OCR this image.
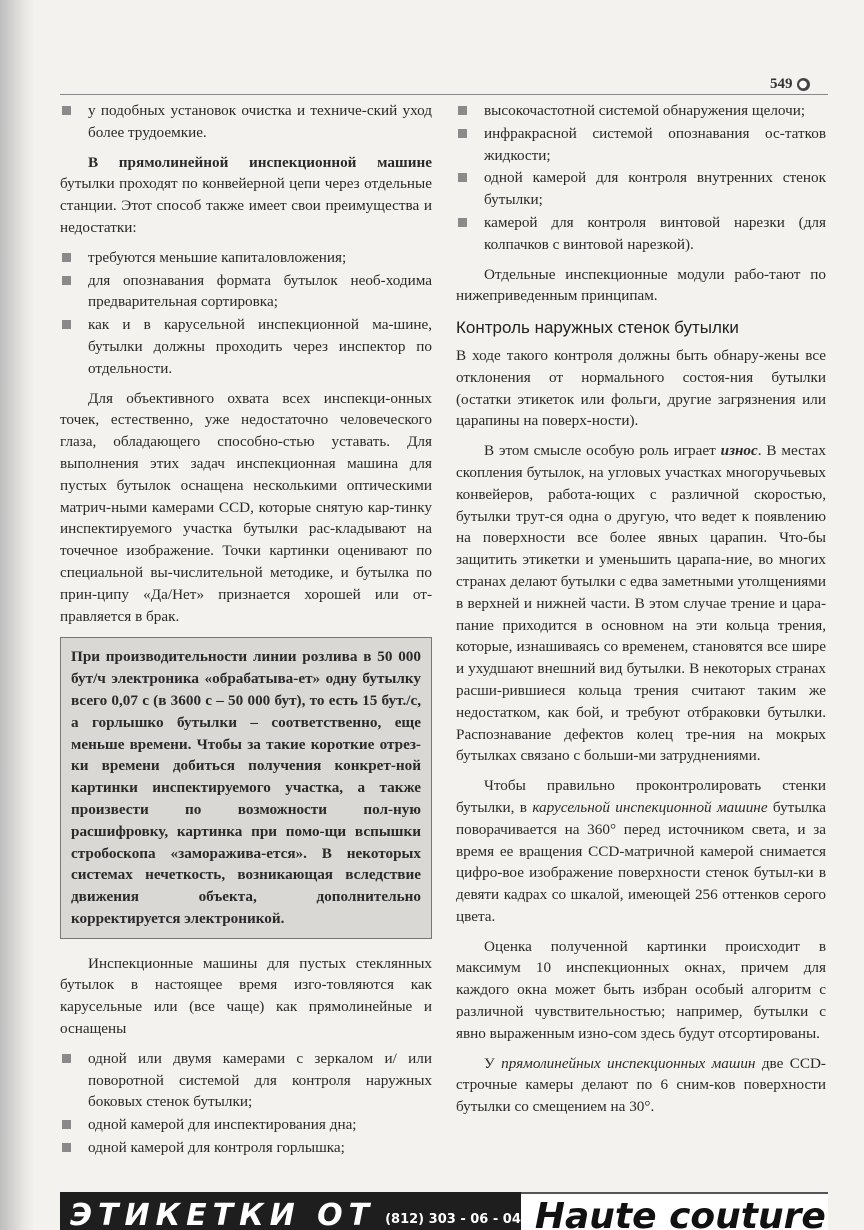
549 ●
у подобных установок очистка и техниче-ский уход более трудоемкие.

В прямолинейной инспекционной машине бутылки проходят по конвейерной цепи через отдельные станции. Этот способ также имеет свои преимущества и недостатки:

требуются меньшие капиталовложения;
для опознавания формата бутылок необ-ходима предварительная сортировка;
как и в карусельной инспекционной ма-шине, бутылки должны проходить через инспектор по отдельности.

Для объективного охвата всех инспекци-онных точек, естественно, уже недостаточно человеческого глаза, обладающего способно-стью уставать. Для выполнения этих задач инспекционная машина для пустых бутылок оснащена несколькими оптическими матрич-ными камерами CCD, которые снятую кар-тинку инспектируемого участка бутылки рас-кладывают на точечное изображение. Точки картинки оценивают по специальной вы-числительной методике, и бутылка по прин-ципу «Да/Нет» признается хорошей или от-правляется в брак.

При производительности линии розлива в 50 000 бут/ч электроника «обрабатыва-ет» одну бутылку всего 0,07 с (в 3600 с – 50 000 бут), то есть 15 бут./с, а горлышко бутылки – соответственно, еще меньше времени. Чтобы за такие короткие отрез-ки времени добиться получения конкрет-ной картинки инспектируемого участка, а также произвести по возможности пол-ную расшифровку, картинка при помо-щи вспышки стробоскопа «заморажива-ется». В некоторых системах нечеткость, возникающая вследствие движения объекта, дополнительно корректируется электроникой.

Инспекционные машины для пустых стеклянных бутылок в настоящее время изго-товляются как карусельные или (все чаще) как прямолинейные и оснащены

одной или двумя камерами с зеркалом и/ или поворотной системой для контроля наружных боковых стенок бутылки;
одной камерой для инспектирования дна;
одной камерой для контроля горлышка;
высокочастотной системой обнаружения щелочи;
инфракрасной системой опознавания ос-татков жидкости;
одной камерой для контроля внутренних стенок бутылки;
камерой для контроля винтовой нарезки (для колпачков с винтовой нарезкой).

Отдельные инспекционные модули рабо-тают по нижеприведенным принципам.

Контроль наружных стенок бутылки

В ходе такого контроля должны быть обнару-жены все отклонения от нормального состоя-ния бутылки (остатки этикеток или фольги, другие загрязнения или царапины на поверх-ности).

В этом смысле особую роль играет износ. В местах скопления бутылок, на угловых участках многоручьевых конвейеров, работа-ющих с различной скоростью, бутылки трут-ся одна о другую, что ведет к появлению на поверхности все более явных царапин. Что-бы защитить этикетки и уменьшить царапа-ние, во многих странах делают бутылки с едва заметными утолщениями в верхней и нижней части. В этом случае трение и цара-пание приходится в основном на эти кольца трения, которые, изнашиваясь со временем, становятся все шире и ухудшают внешний вид бутылки. В некоторых странах расши-рившиеся кольца трения считают таким же недостатком, как бой, и требуют отбраковки бутылки. Распознавание дефектов колец тре-ния на мокрых бутылках связано с больши-ми затруднениями.

Чтобы правильно проконтролировать стенки бутылки, в карусельной инспекционной машине бутылка поворачивается на 360° перед источником света, и за время ее вращения CCD-матричной камерой снимается цифро-вое изображение поверхности стенок бутыл-ки в девяти кадрах со шкалой, имеющей 256 оттенков серого цвета.

Оценка полученной картинки происходит в максимум 10 инспекционных окнах, причем для каждого окна может быть избран особый алгоритм с различной чувствительностью; например, бутылки с явно выраженным изно-сом здесь будут отсортированы.

У прямолинейных инспекционных машин две CCD-строчные камеры делают по 6 сним-ков поверхности бутылки со смещением на 30°.

ЭТИКЕТКИ ОТ (812) 303 - 06 - 04 Haute couture
